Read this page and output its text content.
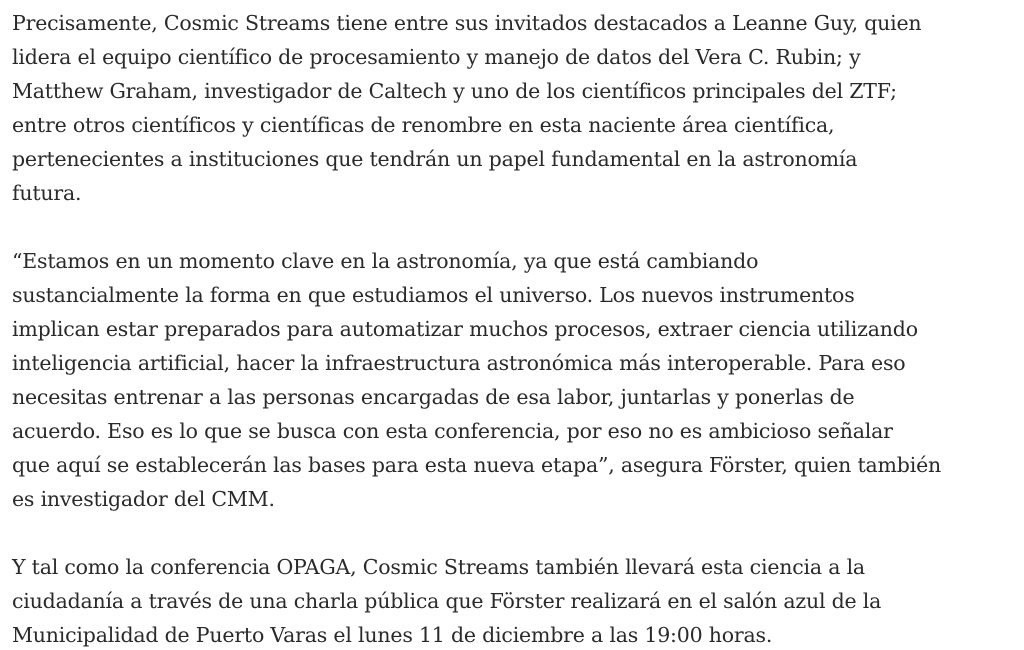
Precisamente, Cosmic Streams tiene entre sus invitados destacados a Leanne Guy, quien
lidera el equipo científico de procesamiento y manejo de datos del Vera C. Rubin; y
Matthew Graham, investigador de Caltech y uno de los científicos principales del ZTF;
entre otros científicos y científicas de renombre en esta naciente área científica,
pertenecientes a instituciones que tendrán un papel fundamental en la astronomía
futura.

“Estamos en un momento clave en la astronomía, ya que está cambiando
sustancialmente la forma en que estudiamos el universo. Los nuevos instrumentos
implican estar preparados para automatizar muchos procesos, extraer ciencia utilizando
inteligencia artificial, hacer la infraestructura astronómica más interoperable. Para eso
necesitas entrenar a las personas encargadas de esa labor, juntarlas y ponerlas de
acuerdo. Eso es lo que se busca con esta conferencia, por eso no es ambicioso señalar
que aquí se establecerán las bases para esta nueva etapa”, asegura Förster, quien también
es investigador del CMM.

Y tal como la conferencia OPAGA, Cosmic Streams también llevará esta ciencia a la
ciudadanía a través de una charla pública que Förster realizará en el salón azul de la
Municipalidad de Puerto Varas el lunes 11 de diciembre a las 19:00 horas.
